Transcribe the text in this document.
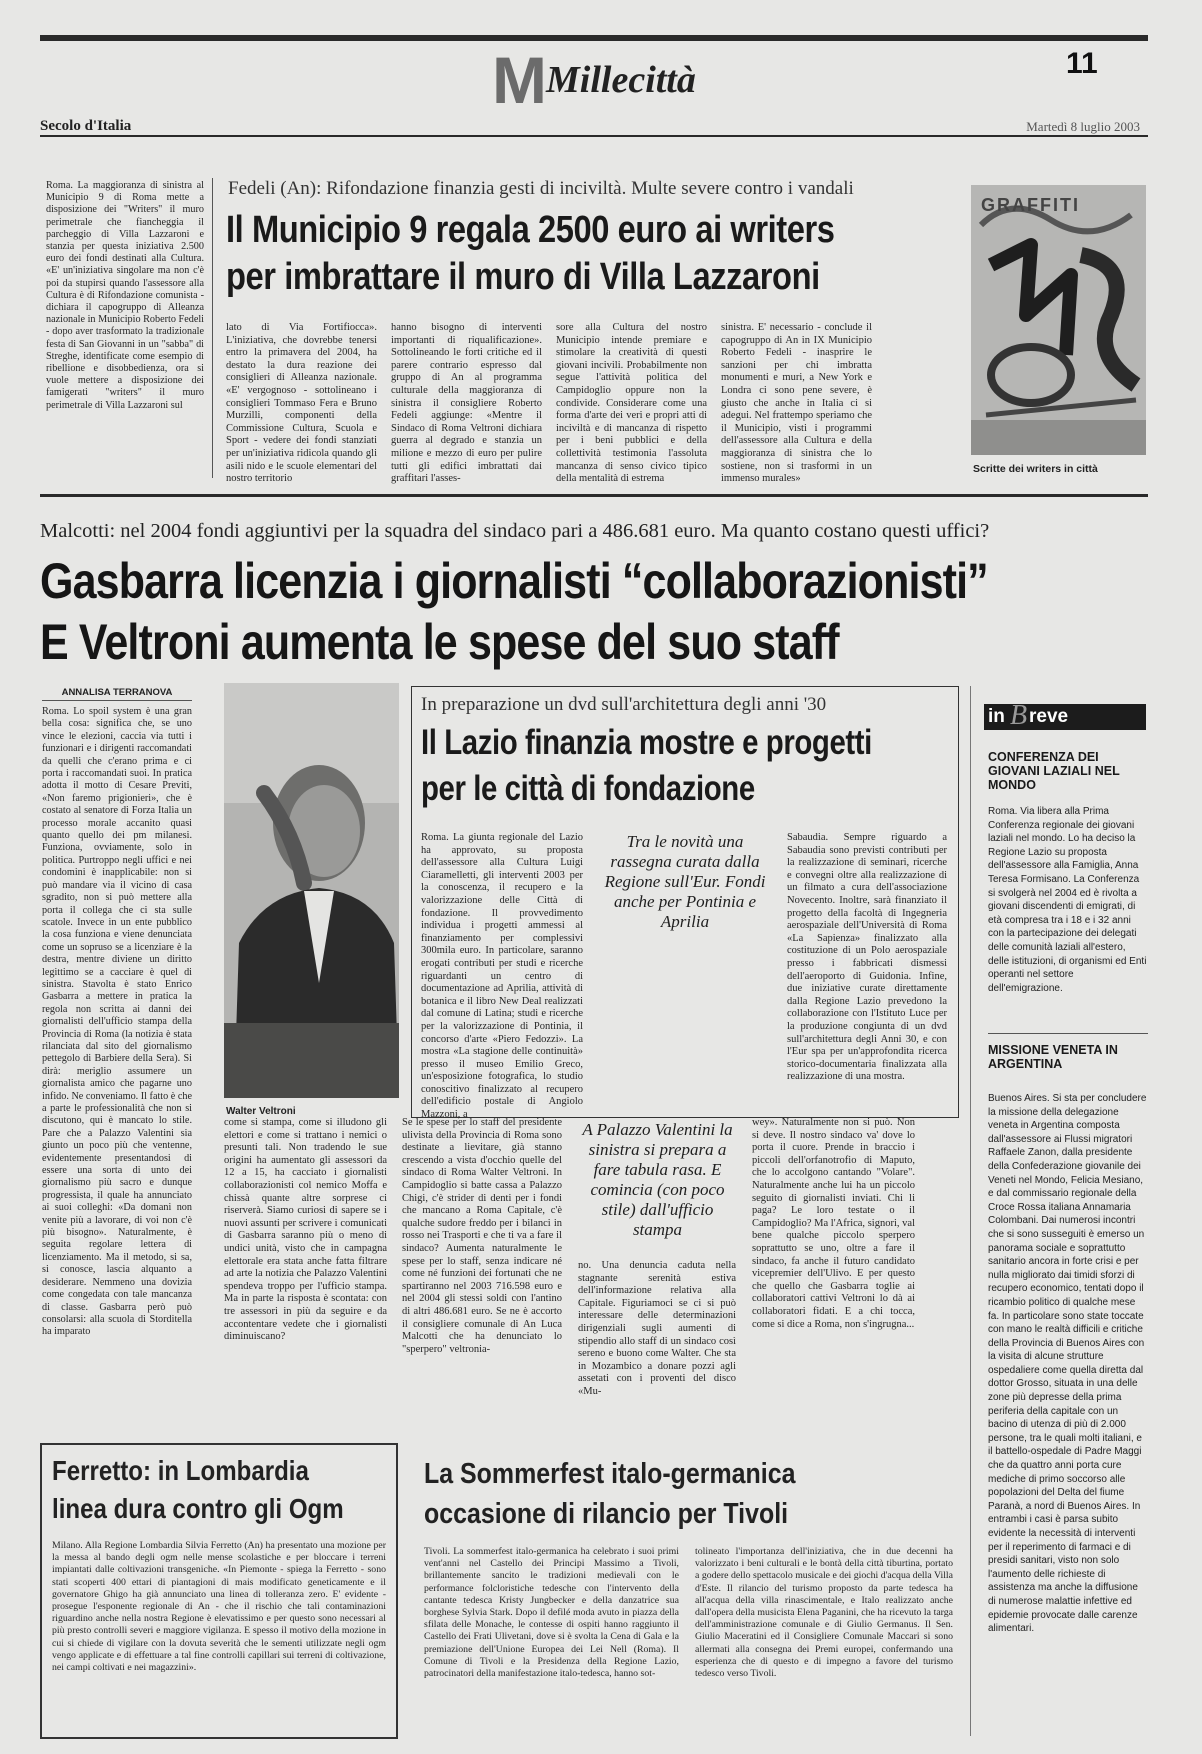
M Millecittà	11
Secolo d'Italia	Martedì 8 luglio 2003
Roma. La maggioranza di sinistra al Municipio 9 di Roma mette a disposizione dei "Writers" il muro perimetrale che fiancheggia il parcheggio di Villa Lazzaroni e stanzia per questa iniziativa 2.500 euro dei fondi destinati alla Cultura. «E' un'iniziativa singolare ma non c'è poi da stupirsi quando l'assessore alla Cultura è di Rifondazione comunista - dichiara il capogruppo di Alleanza nazionale in Municipio Roberto Fedeli - dopo aver trasformato la tradizionale festa di San Giovanni in un "sabba" di Streghe, identificate come esempio di ribellione e disobbedienza, ora si vuole mettere a disposizione dei famigerati "writers" il muro perimetrale di Villa Lazzaroni sul
Fedeli (An): Rifondazione finanzia gesti di inciviltà. Multe severe contro i vandali
Il Municipio 9 regala 2500 euro ai writers
per imbrattare il muro di Villa Lazzaroni
lato di Via Fortifiocca». L'iniziativa, che dovrebbe tenersi entro la primavera del 2004, ha destato la dura reazione dei consiglieri di Alleanza nazionale. «E' vergognoso - sottolineano i consiglieri Tommaso Fera e Bruno Murzilli, componenti della Commissione Cultura, Scuola e Sport - vedere dei fondi stanziati per un'iniziativa ridicola quando gli asili nido e le scuole elementari del nostro territorio
hanno bisogno di interventi importanti di riqualificazione». Sottolineando le forti critiche ed il parere contrario espresso dal gruppo di An al programma culturale della maggioranza di sinistra il consigliere Roberto Fedeli aggiunge: «Mentre il Sindaco di Roma Veltroni dichiara guerra al degrado e stanzia un milione e mezzo di euro per pulire tutti gli edifici imbrattati dai graffitari l'asses-
sore alla Cultura del nostro Municipio intende premiare e stimolare la creatività di questi giovani incivili. Probabilmente non segue l'attività politica del Campidoglio oppure non la condivide. Considerare come una forma d'arte dei veri e propri atti di inciviltà e di mancanza di rispetto per i beni pubblici e della collettività testimonia l'assoluta mancanza di senso civico tipico della mentalità di estrema
sinistra. E' necessario - conclude il capogruppo di An in IX Municipio Roberto Fedeli - inasprire le sanzioni per chi imbratta monumenti e muri, a New York e Londra ci sono pene severe, è giusto che anche in Italia ci si adegui. Nel frattempo speriamo che il Municipio, visti i programmi dell'assessore alla Cultura e della maggioranza di sinistra che lo sostiene, non si trasformi in un immenso murales»
GRAFFITI
Scritte dei writers in città
Malcotti: nel 2004 fondi aggiuntivi per la squadra del sindaco pari a 486.681 euro. Ma quanto costano questi uffici?
Gasbarra licenzia i giornalisti “collaborazionisti”
E Veltroni aumenta le spese del suo staff
ANNALISA TERRANOVA
Roma. Lo spoil system è una gran bella cosa: significa che, se uno vince le elezioni, caccia via tutti i funzionari e i dirigenti raccomandati da quelli che c'erano prima e ci porta i raccomandati suoi. In pratica adotta il motto di Cesare Previti, «Non faremo prigionieri», che è costato al senatore di Forza Italia un processo morale accanito quasi quanto quello dei pm milanesi. Funziona, ovviamente, solo in politica. Purtroppo negli uffici e nei condomini è inapplicabile: non si può mandare via il vicino di casa sgradito, non si può mettere alla porta il collega che ci sta sulle scatole. Invece in un ente pubblico la cosa funziona e viene denunciata come un sopruso se a licenziare è la destra, mentre diviene un diritto legittimo se a cacciare è quel di sinistra. Stavolta è stato Enrico Gasbarra a mettere in pratica la regola non scritta ai danni dei giornalisti dell'ufficio stampa della Provincia di Roma (la notizia è stata rilanciata dal sito del giornalismo pettegolo di Barbiere della Sera). Si dirà: meriglio assumere un giornalista amico che pagarne uno infido. Ne conveniamo. Il fatto è che a parte le professionalità che non si discutono, qui è mancato lo stile. Pare che a Palazzo Valentini sia giunto un poco più che ventenne, evidentemente presentandosi di essere una sorta di unto dei giornalismo più sacro e dunque progressista, il quale ha annunciato ai suoi colleghi: «Da domani non venite più a lavorare, di voi non c'è più bisogno». Naturalmente, è seguita regolare lettera di licenziamento. Ma il metodo, si sa, si conosce, lascia alquanto a desiderare. Nemmeno una dovizia come congedata con tale mancanza di classe. Gasbarra però può consolarsi: alla scuola di Storditella ha imparato
Walter Veltroni
come si stampa, come si illudono gli elettori e come si trattano i nemici o presunti tali. Non tradendo le sue origini ha aumentato gli assessori da 12 a 15, ha cacciato i giornalisti collaborazionisti col nemico Moffa e chissà quante altre sorprese ci riserverà. Siamo curiosi di sapere se i nuovi assunti per scrivere i comunicati di Gasbarra saranno più o meno di undici unità, visto che in campagna elettorale era stata anche fatta filtrare ad arte la notizia che Palazzo Valentini spendeva troppo per l'ufficio stampa. Ma in parte la risposta è scontata: con tre assessori in più da seguire e da accontentare vedete che i giornalisti diminuiscano?
Se le spese per lo staff del presidente ulivista della Provincia di Roma sono destinate a lievitare, già stanno crescendo a vista d'occhio quelle del sindaco di Roma Walter Veltroni. In Campidoglio si batte cassa a Palazzo Chigi, c'è strider di denti per i fondi che mancano a Roma Capitale, c'è qualche sudore freddo per i bilanci in rosso nei Trasporti e che ti va a fare il sindaco? Aumenta naturalmente le spese per lo staff, senza indicare né come né funzioni dei fortunati che ne spartiranno nel 2003 716.598 euro e nel 2004 gli stessi soldi con l'antino di altri 486.681 euro. Se ne è accorto il consigliere comunale di An Luca Malcotti che ha denunciato lo "sperpero" veltronia-
A Palazzo Valentini la sinistra si prepara a fare tabula rasa. E comincia (con poco stile) dall'ufficio stampa
no. Una denuncia caduta nella stagnante serenità estiva dell'informazione relativa alla Capitale. Figuriamoci se ci si può interessare delle determinazioni dirigenziali sugli aumenti di stipendio allo staff di un sindaco così sereno e buono come Walter. Che sta in Mozambico a donare pozzi agli assetati con i proventi del disco «Mu-
wey». Naturalmente non si può. Non si deve. Il nostro sindaco va' dove lo porta il cuore. Prende in braccio i piccoli dell'orfanotrofio di Maputo, che lo accolgono cantando "Volare". Naturalmente anche lui ha un piccolo seguito di giornalisti inviati. Chi li paga? Le loro testate o il Campidoglio? Ma l'Africa, signori, val bene qualche piccolo sperpero soprattutto se uno, oltre a fare il sindaco, fa anche il futuro candidato vicepremier dell'Ulivo. E per questo che quello che Gasbarra toglie ai collaboratori cattivi Veltroni lo dà ai collaboratori fidati. E a chi tocca, come si dice a Roma, non s'ingrugna...
In preparazione un dvd sull'architettura degli anni '30
Il Lazio finanzia mostre e progetti
per le città di fondazione
Roma. La giunta regionale del Lazio ha approvato, su proposta dell'assessore alla Cultura Luigi Ciaramelletti, gli interventi 2003 per la conoscenza, il recupero e la valorizzazione delle Città di fondazione. Il provvedimento individua i progetti ammessi al finanziamento per complessivi 300mila euro. In particolare, saranno erogati contributi per studi e ricerche riguardanti un centro di documentazione ad Aprilia, attività di botanica e il libro New Deal realizzati dal comune di Latina; studi e ricerche per la valorizzazione di Pontinia, il concorso d'arte «Piero Fedozzi». La mostra «La stagione delle continuità» presso il museo Emilio Greco, un'esposizione fotografica, lo studio conoscitivo finalizzato al recupero dell'edificio postale di Angiolo Mazzoni, a
Tra le novità una rassegna curata dalla Regione sull'Eur. Fondi anche per Pontinia e Aprilia
Sabaudia. Sempre riguardo a Sabaudia sono previsti contributi per la realizzazione di seminari, ricerche e convegni oltre alla realizzazione di un filmato a cura dell'associazione Novecento. Inoltre, sarà finanziato il progetto della facoltà di Ingegneria aerospaziale dell'Università di Roma «La Sapienza» finalizzato alla costituzione di un Polo aerospaziale presso i fabbricati dismessi dell'aeroporto di Guidonia. Infine, due iniziative curate direttamente dalla Regione Lazio prevedono la collaborazione con l'Istituto Luce per la produzione congiunta di un dvd sull'architettura degli Anni 30, e con l'Eur spa per un'approfondita ricerca storico-documentaria finalizzata alla realizzazione di una mostra.
in B reve
CONFERENZA DEI GIOVANI LAZIALI NEL MONDO
Roma. Via libera alla Prima Conferenza regionale dei giovani laziali nel mondo. Lo ha deciso la Regione Lazio su proposta dell'assessore alla Famiglia, Anna Teresa Formisano. La Conferenza si svolgerà nel 2004 ed è rivolta a giovani discendenti di emigrati, di età compresa tra i 18 e i 32 anni con la partecipazione dei delegati delle comunità laziali all'estero, delle istituzioni, di organismi ed Enti operanti nel settore dell'emigrazione.
MISSIONE VENETA IN ARGENTINA
Buenos Aires. Si sta per concludere la missione della delegazione veneta in Argentina composta dall'assessore ai Flussi migratori Raffaele Zanon, dalla presidente della Confederazione giovanile dei Veneti nel Mondo, Felicia Mesiano, e dal commissario regionale della Croce Rossa italiana Annamaria Colombani. Dai numerosi incontri che si sono susseguiti è emerso un panorama sociale e soprattutto sanitario ancora in forte crisi e per nulla migliorato dai timidi sforzi di recupero economico, tentati dopo il ricambio politico di qualche mese fa. In particolare sono state toccate con mano le realtà difficili e critiche della Provincia di Buenos Aires con la visita di alcune strutture ospedaliere come quella diretta dal dottor Grosso, situata in una delle zone più depresse della prima periferia della capitale con un bacino di utenza di più di 2.000 persone, tra le quali molti italiani, e il battello-ospedale di Padre Maggi che da quattro anni porta cure mediche di primo soccorso alle popolazioni del Delta del fiume Paranà, a nord di Buenos Aires. In entrambi i casi è parsa subito evidente la necessità di interventi per il reperimento di farmaci e di presidi sanitari, visto non solo l'aumento delle richieste di assistenza ma anche la diffusione di numerose malattie infettive ed epidemie provocate dalle carenze alimentari.
Ferretto: in Lombardia
linea dura contro gli Ogm
Milano. Alla Regione Lombardia Silvia Ferretto (An) ha presentato una mozione per la messa al bando degli ogm nelle mense scolastiche e per bloccare i terreni impiantati dalle coltivazioni transgeniche. «In Piemonte - spiega la Ferretto - sono stati scoperti 400 ettari di piantagioni di mais modificato geneticamente e il governatore Ghigo ha già annunciato una linea di tolleranza zero. E' evidente - prosegue l'esponente regionale di An - che il rischio che tali contaminazioni riguardino anche nella nostra Regione è elevatissimo e per questo sono necessari al più presto controlli severi e maggiore vigilanza. E spesso il motivo della mozione in cui si chiede di vigilare con la dovuta severità che le sementi utilizzate negli ogm vengo applicate e di effettuare a tal fine controlli capillari sui terreni di coltivazione, nei campi coltivati e nei magazzini».
La Sommerfest italo-germanica
occasione di rilancio per Tivoli
Tivoli. La sommerfest italo-germanica ha celebrato i suoi primi vent'anni nel Castello dei Principi Massimo a Tivoli, brillantemente sancito le tradizioni medievali con le performance folcloristiche tedesche con l'intervento della cantante tedesca Kristy Jungbecker e della danzatrice sua borghese Sylvia Stark. Dopo il defilé moda avuto in piazza della sfilata delle Monache, le contesse di ospiti hanno raggiunto il Castello dei Frati Ulivetani, dove si è svolta la Cena di Gala e la premiazione dell'Unione Europea dei Lei Nell (Roma). Il Comune di Tivoli e la Presidenza della Regione Lazio, patrocinatori della manifestazione italo-tedesca, hanno sot-
tolineato l'importanza dell'iniziativa, che in due decenni ha valorizzato i beni culturali e le bontà della città tiburtina, portato a godere dello spettacolo musicale e dei giochi d'acqua della Villa d'Este. Il rilancio del turismo proposto da parte tedesca ha all'acqua della villa rinascimentale, e Italo realizzato anche dall'opera della musicista Elena Paganini, che ha ricevuto la targa dell'amministrazione comunale e di Giulio Germanus. Il Sen. Giulio Maceratini ed il Consigliere Comunale Maccari si sono allermati alla consegna dei Premi europei, confermando una esperienza che di questo e di impegno a favore del turismo tedesco verso Tivoli.
